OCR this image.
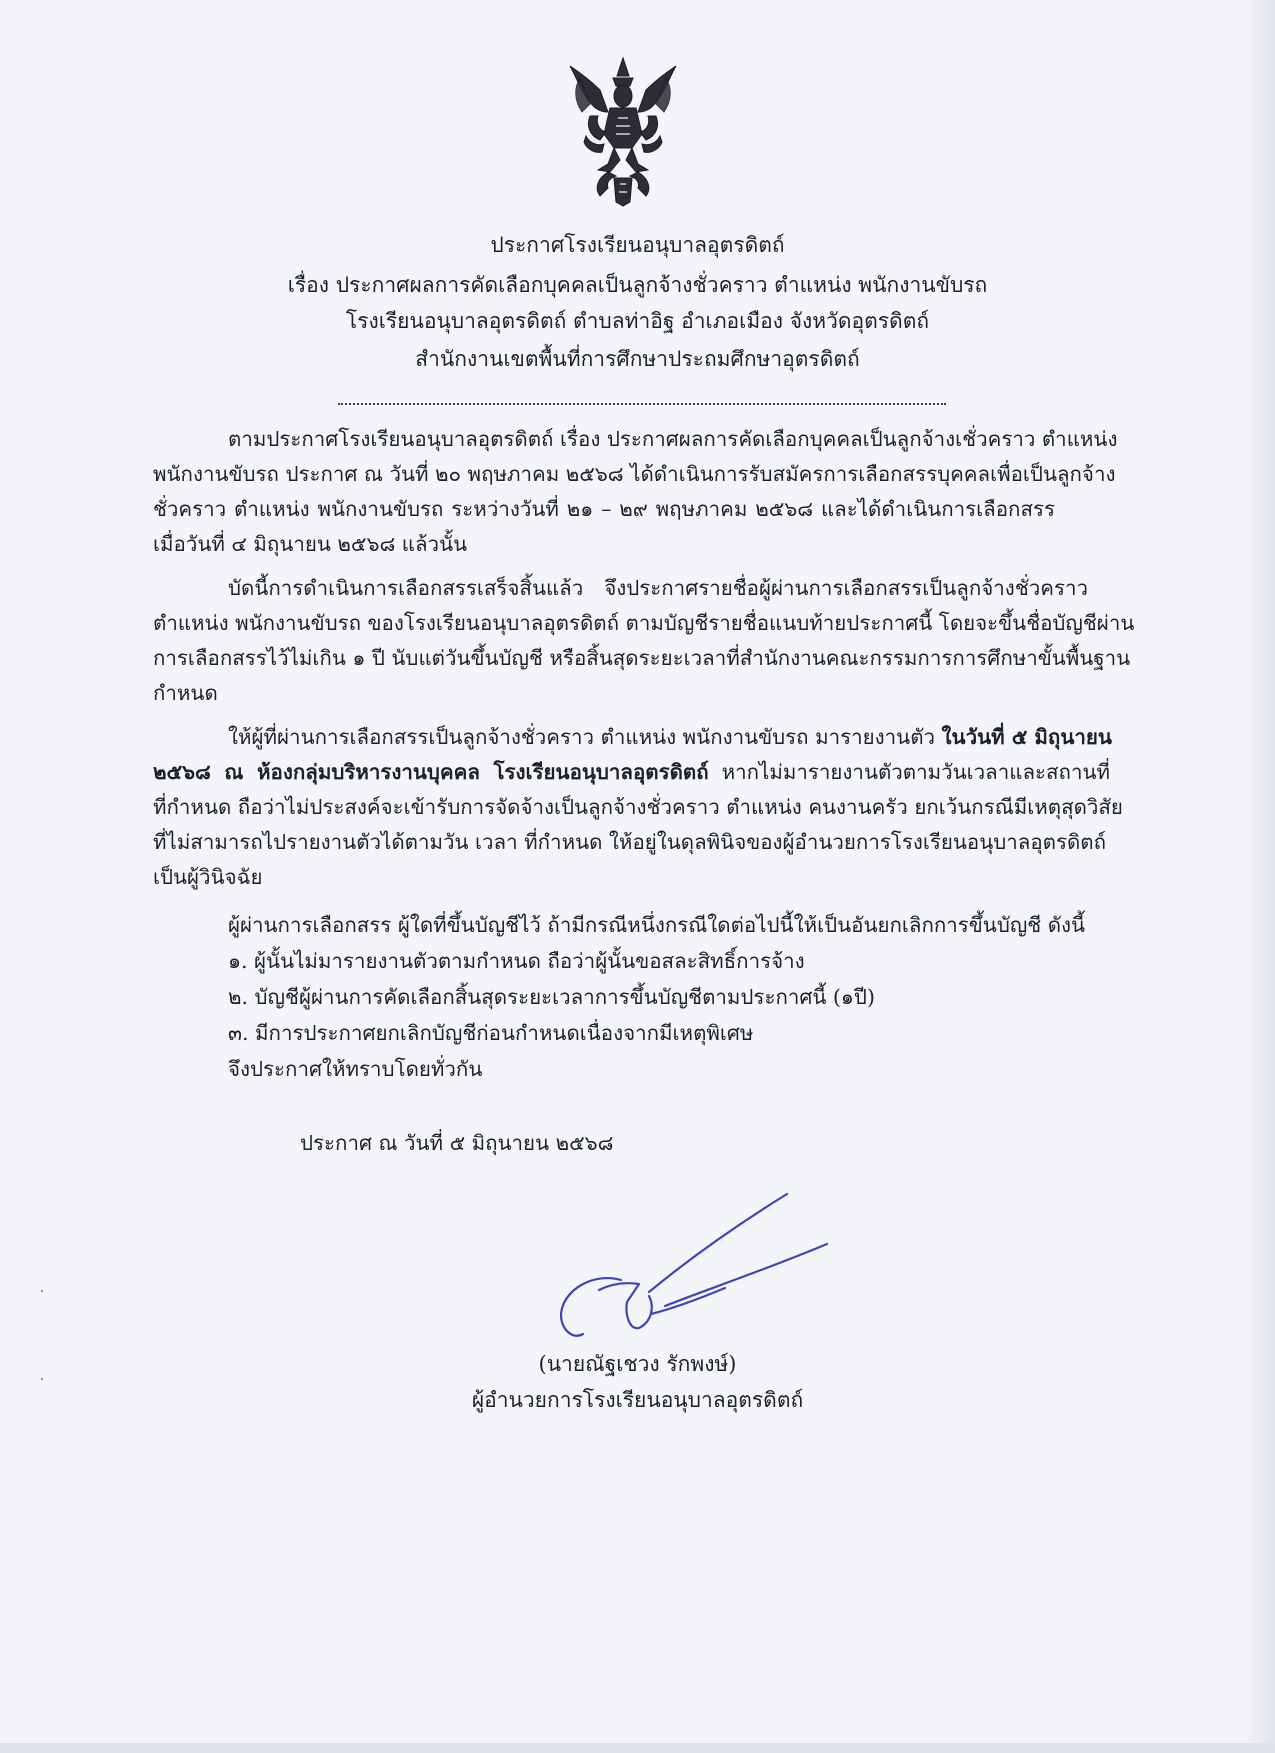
ประกาศโรงเรียนอนุบาลอุตรดิตถ์
เรื่อง ประกาศผลการคัดเลือกบุคคลเป็นลูกจ้างชั่วคราว ตำแหน่ง พนักงานขับรถ
โรงเรียนอนุบาลอุตรดิตถ์ ตำบลท่าอิฐ อำเภอเมือง จังหวัดอุตรดิตถ์
สำนักงานเขตพื้นที่การศึกษาประถมศึกษาอุตรดิตถ์
ตามประกาศโรงเรียนอนุบาลอุตรดิตถ์ เรื่อง ประกาศผลการคัดเลือกบุคคลเป็นลูกจ้างเชั่วคราว ตำแหน่ง
พนักงานขับรถ ประกาศ ณ วันที่ ๒๐ พฤษภาคม ๒๕๖๘ ได้ดำเนินการรับสมัครการเลือกสรรบุคคลเพื่อเป็นลูกจ้าง
ชั่วคราว ตำแหน่ง พนักงานขับรถ ระหว่างวันที่ ๒๑ – ๒๙ พฤษภาคม ๒๕๖๘ และได้ดำเนินการเลือกสรร
เมื่อวันที่ ๔ มิถุนายน ๒๕๖๘ แล้วนั้น
บัดนี้การดำเนินการเลือกสรรเสร็จสิ้นแล้ว จึงประกาศรายชื่อผู้ผ่านการเลือกสรรเป็นลูกจ้างชั่วคราว
ตำแหน่ง พนักงานขับรถ ของโรงเรียนอนุบาลอุตรดิตถ์ ตามบัญชีรายชื่อแนบท้ายประกาศนี้ โดยจะขึ้นชื่อบัญชีผ่าน
การเลือกสรรไว้ไม่เกิน ๑ ปี นับแต่วันขึ้นบัญชี หรือสิ้นสุดระยะเวลาที่สำนักงานคณะกรรมการการศึกษาขั้นพื้นฐาน
กำหนด
ให้ผู้ที่ผ่านการเลือกสรรเป็นลูกจ้างชั่วคราว ตำแหน่ง พนักงานขับรถ มารายงานตัว ในวันที่ ๕ มิถุนายน
๒๕๖๘ ณ ห้องกลุ่มบริหารงานบุคคล โรงเรียนอนุบาลอุตรดิตถ์ หากไม่มารายงานตัวตามวันเวลาและสถานที่
ที่กำหนด ถือว่าไม่ประสงค์จะเข้ารับการจัดจ้างเป็นลูกจ้างชั่วคราว ตำแหน่ง คนงานครัว ยกเว้นกรณีมีเหตุสุดวิสัย
ที่ไม่สามารถไปรายงานตัวได้ตามวัน เวลา ที่กำหนด ให้อยู่ในดุลพินิจของผู้อำนวยการโรงเรียนอนุบาลอุตรดิตถ์
เป็นผู้วินิจฉัย
ผู้ผ่านการเลือกสรร ผู้ใดที่ขึ้นบัญชีไว้ ถ้ามีกรณีหนึ่งกรณีใดต่อไปนี้ให้เป็นอันยกเลิกการขึ้นบัญชี ดังนี้
๑. ผู้นั้นไม่มารายงานตัวตามกำหนด ถือว่าผู้นั้นขอสละสิทธิ์การจ้าง
๒. บัญชีผู้ผ่านการคัดเลือกสิ้นสุดระยะเวลาการขึ้นบัญชีตามประกาศนี้ (๑ปี)
๓. มีการประกาศยกเลิกบัญชีก่อนกำหนดเนื่องจากมีเหตุพิเศษ
จึงประกาศให้ทราบโดยทั่วกัน
ประกาศ ณ วันที่ ๕ มิถุนายน ๒๕๖๘
(นายณัฐเชวง รักพงษ์)
ผู้อำนวยการโรงเรียนอนุบาลอุตรดิตถ์
